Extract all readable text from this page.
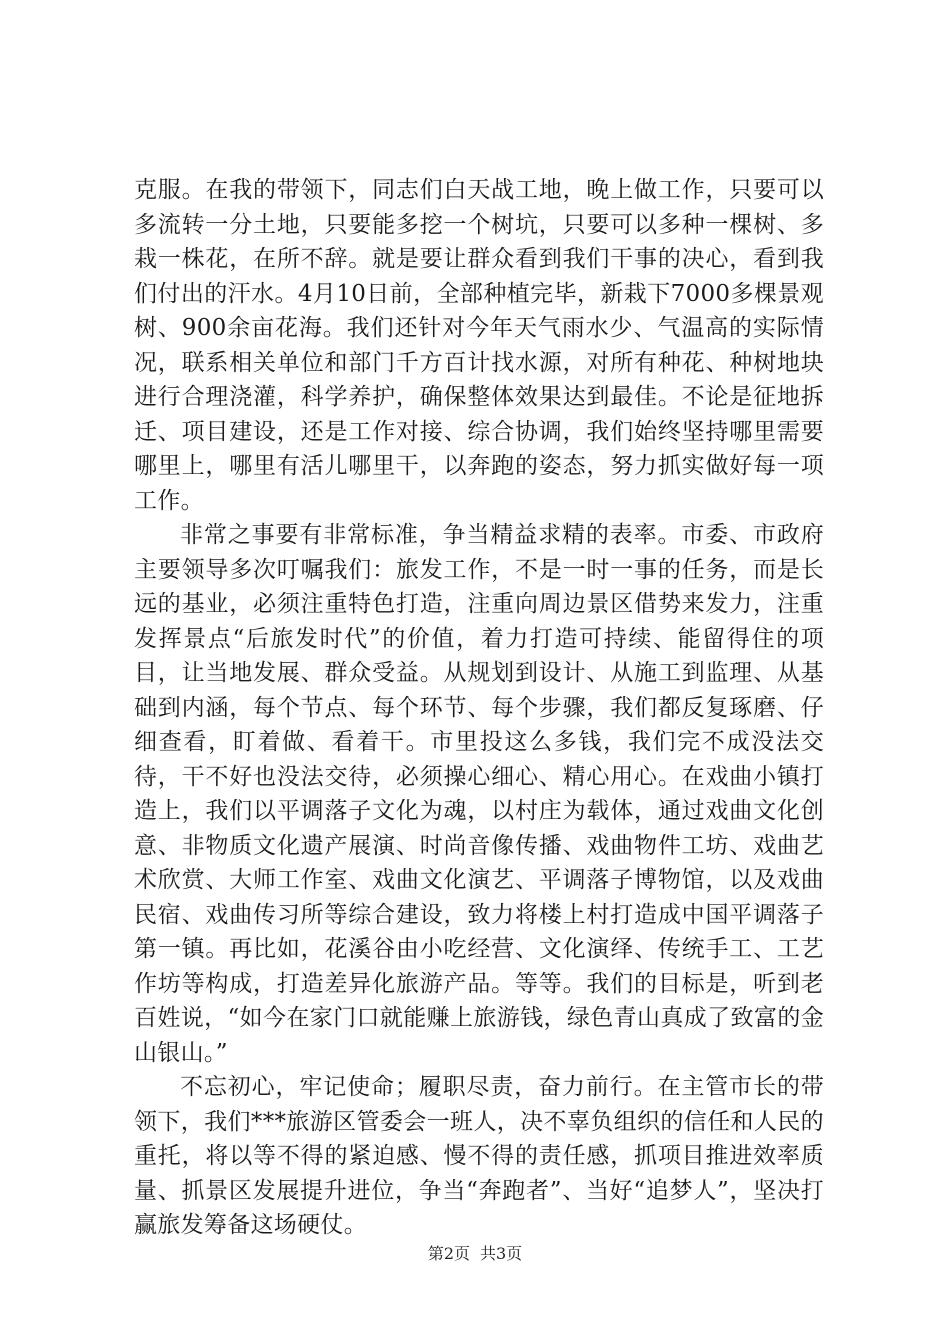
克服。在我的带领下，同志们白天战工地，晚上做工作，只要可以多流转一分土地，只要能多挖一个树坑，只要可以多种一棵树、多栽一株花，在所不辞。就是要让群众看到我们干事的决心，看到我们付出的汗水。4月10日前，全部种植完毕，新栽下7000多棵景观树、900余亩花海。我们还针对今年天气雨水少、气温高的实际情况，联系相关单位和部门千方百计找水源，对所有种花、种树地块进行合理浇灌，科学养护，确保整体效果达到最佳。不论是征地拆迁、项目建设，还是工作对接、综合协调，我们始终坚持哪里需要哪里上，哪里有活儿哪里干，以奔跑的姿态，努力抓实做好每一项工作。

非常之事要有非常标准，争当精益求精的表率。市委、市政府主要领导多次叮嘱我们：旅发工作，不是一时一事的任务，而是长远的基业，必须注重特色打造，注重向周边景区借势来发力，注重发挥景点“后旅发时代”的价值，着力打造可持续、能留得住的项目，让当地发展、群众受益。从规划到设计、从施工到监理、从基础到内涵，每个节点、每个环节、每个步骤，我们都反复琢磨、仔细查看，盯着做、看着干。市里投这么多钱，我们完不成没法交待，干不好也没法交待，必须操心细心、精心用心。在戏曲小镇打造上，我们以平调落子文化为魂，以村庄为载体，通过戏曲文化创意、非物质文化遗产展演、时尚音像传播、戏曲物件工坊、戏曲艺术欣赏、大师工作室、戏曲文化演艺、平调落子博物馆，以及戏曲民宿、戏曲传习所等综合建设，致力将楼上村打造成中国平调落子第一镇。再比如，花溪谷由小吃经营、文化演绎、传统手工、工艺作坊等构成，打造差异化旅游产品。等等。我们的目标是，听到老百姓说，“如今在家门口就能赚上旅游钱，绿色青山真成了致富的金山银山。”

不忘初心，牢记使命；履职尽责，奋力前行。在主管市长的带领下，我们***旅游区管委会一班人，决不辜负组织的信任和人民的重托，将以等不得的紧迫感、慢不得的责任感，抓项目推进效率质量、抓景区发展提升进位，争当“奔跑者”、当好“追梦人”，坚决打赢旅发筹备这场硬仗。

第2页 共3页
